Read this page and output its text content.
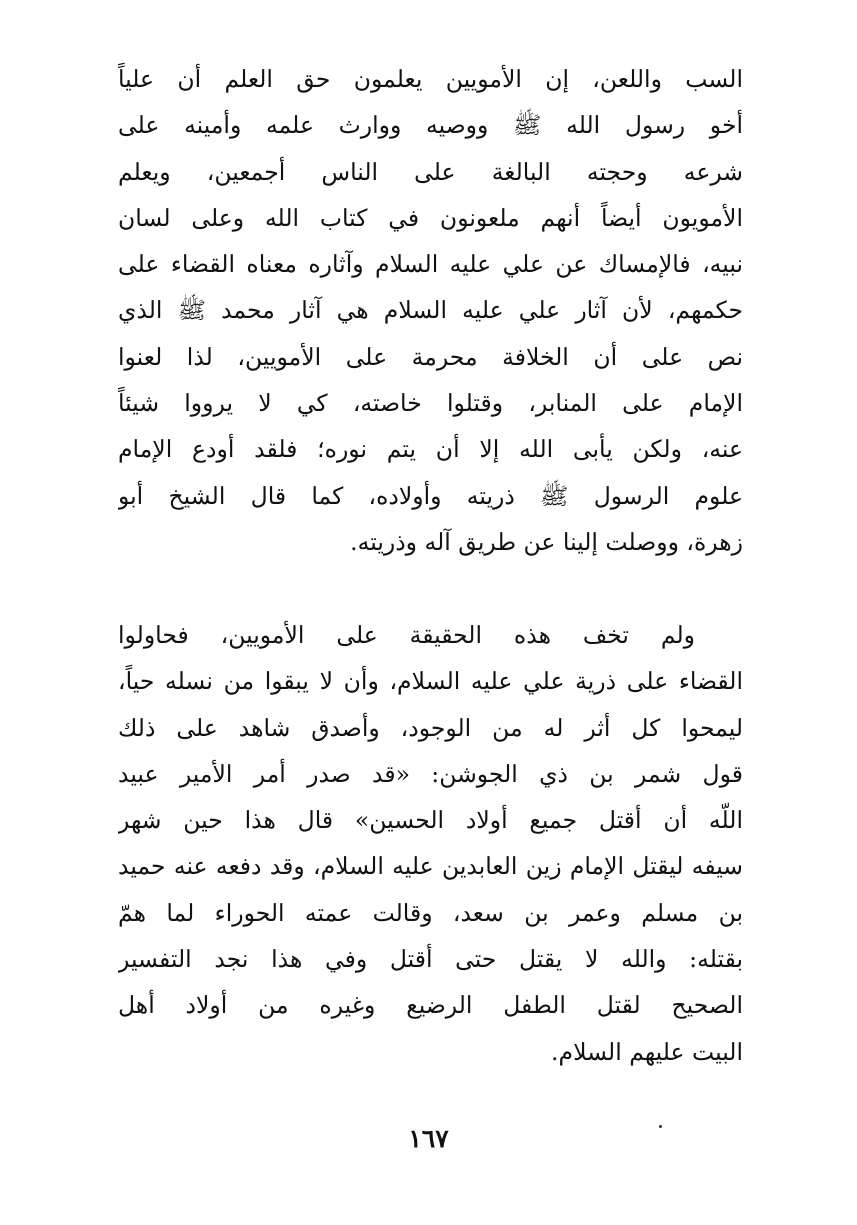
السب واللعن، إن الأمويين يعلمون حق العلم أن علياً
أخو رسول الله ﷺ ووصيه ووارث علمه وأمينه على
شرعه وحجته البالغة على الناس أجمعين، ويعلم
الأمويون أيضاً أنهم ملعونون في كتاب الله وعلى لسان
نبيه، فالإمساك عن علي عليه السلام وآثاره معناه القضاء على
حكمهم، لأن آثار علي عليه السلام هي آثار محمد ﷺ الذي
نص على أن الخلافة محرمة على الأمويين، لذا لعنوا
الإمام على المنابر، وقتلوا خاصته، كي لا يرووا شيئاً
عنه، ولكن يأبى الله إلا أن يتم نوره؛ فلقد أودع الإمام
علوم الرسول ﷺ ذريته وأولاده، كما قال الشيخ أبو
زهرة، ووصلت إلينا عن طريق آله وذريته.
ولم تخف هذه الحقيقة على الأمويين، فحاولوا
القضاء على ذرية علي عليه السلام، وأن لا يبقوا من نسله حياً،
ليمحوا كل أثر له من الوجود، وأصدق شاهد على ذلك
قول شمر بن ذي الجوشن: «قد صدر أمر الأمير عبيد
اللّه أن أقتل جميع أولاد الحسين» قال هذا حين شهر
سيفه ليقتل الإمام زين العابدين عليه السلام، وقد دفعه عنه حميد
بن مسلم وعمر بن سعد، وقالت عمته الحوراء لما همّ
بقتله: والله لا يقتل حتى أقتل وفي هذا نجد التفسير
الصحيح لقتل الطفل الرضيع وغيره من أولاد أهل
البيت عليهم السلام.
١٦٧
